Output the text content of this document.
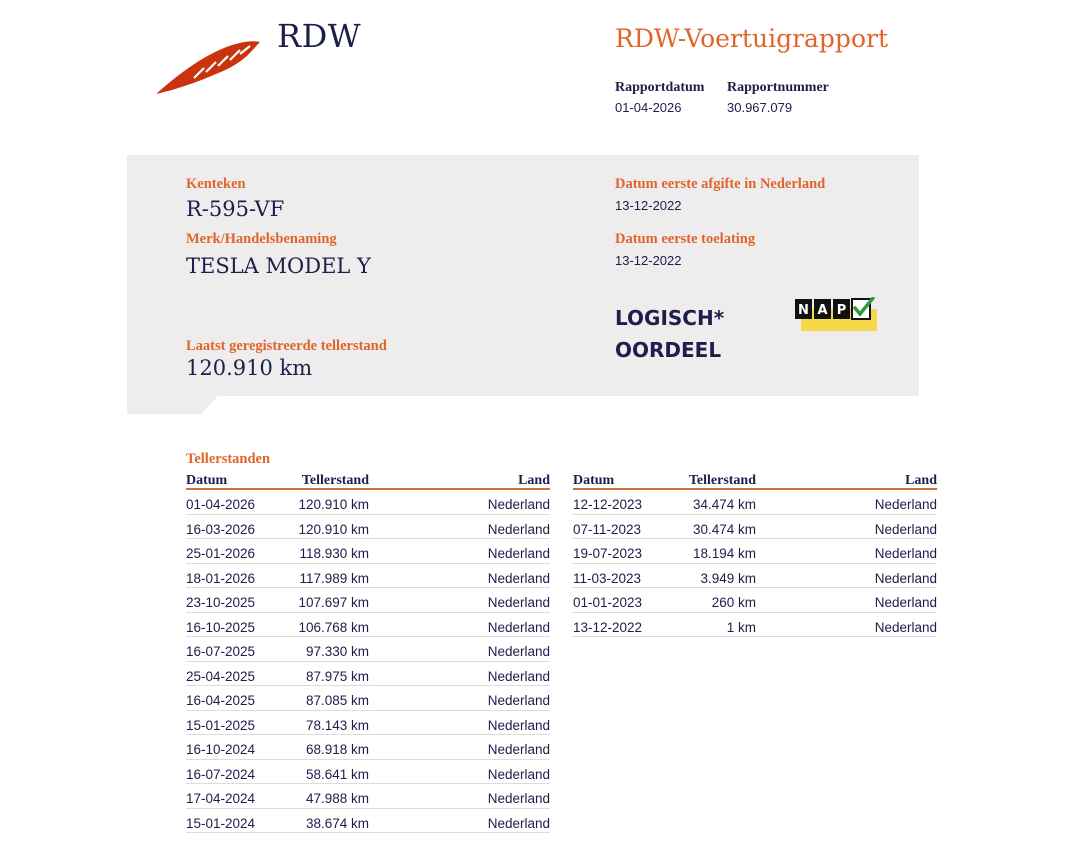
RDW	RDW-Voertuigrapport
Rapportdatum
01-04-2026
Rapportnummer
30.967.079
Kenteken
R-595-VF
Merk/Handelsbenaming
TESLA MODEL Y
Laatst geregistreerde tellerstand
120.910 km
Datum eerste afgifte in Nederland
13-12-2022
Datum eerste toelating
13-12-2022
LOGISCH*
OORDEEL
N A P
Tellerstanden
Datum	Tellerstand	Land
01-04-2026	120.910 km	Nederland
16-03-2026	120.910 km	Nederland
25-01-2026	118.930 km	Nederland
18-01-2026	117.989 km	Nederland
23-10-2025	107.697 km	Nederland
16-10-2025	106.768 km	Nederland
16-07-2025	97.330 km	Nederland
25-04-2025	87.975 km	Nederland
16-04-2025	87.085 km	Nederland
15-01-2025	78.143 km	Nederland
16-10-2024	68.918 km	Nederland
16-07-2024	58.641 km	Nederland
17-04-2024	47.988 km	Nederland
15-01-2024	38.674 km	Nederland
Datum	Tellerstand	Land
12-12-2023	34.474 km	Nederland
07-11-2023	30.474 km	Nederland
19-07-2023	18.194 km	Nederland
11-03-2023	3.949 km	Nederland
01-01-2023	260 km	Nederland
13-12-2022	1 km	Nederland
